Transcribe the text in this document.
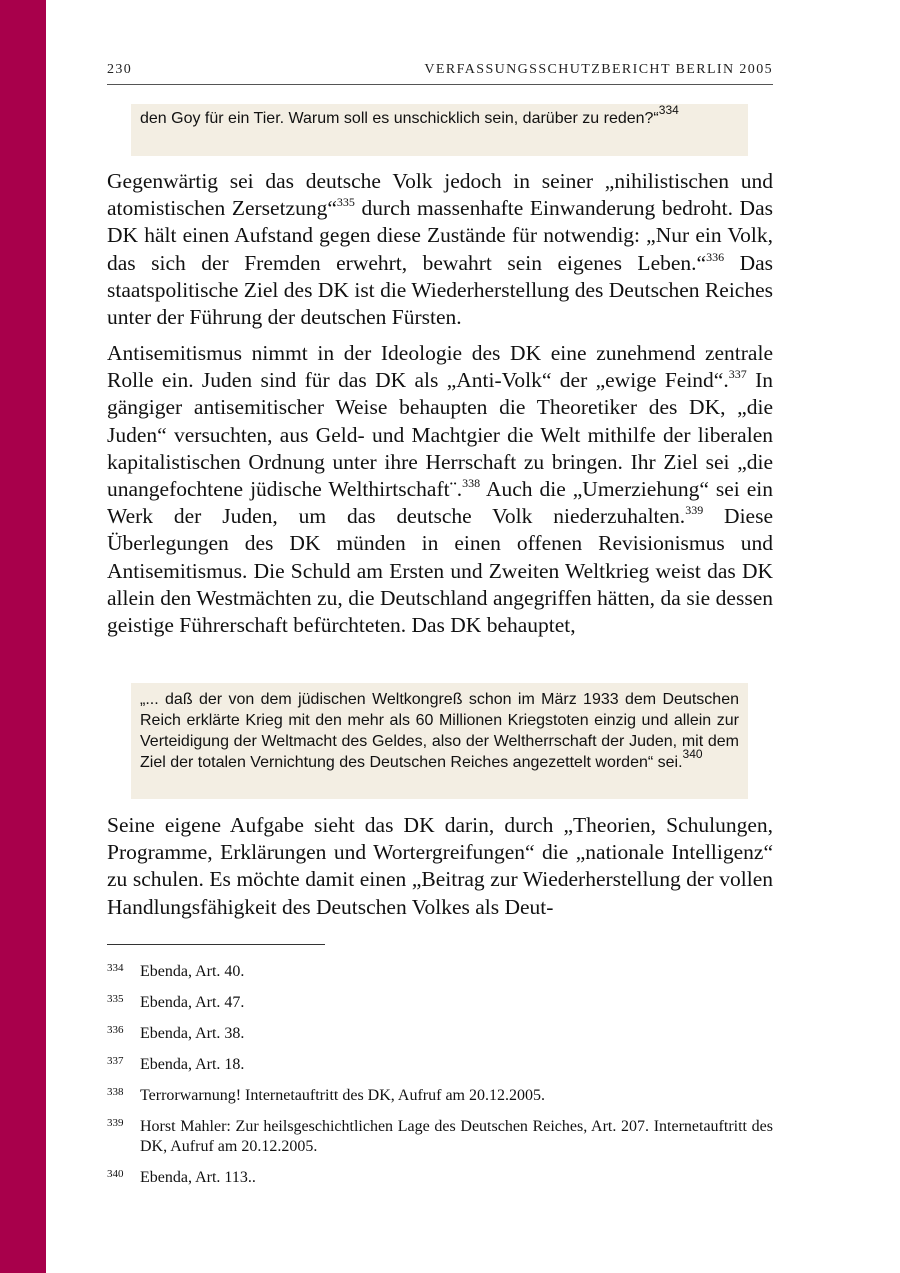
230	VERFASSUNGSSCHUTZBERICHT BERLIN 2005
den Goy für ein Tier. Warum soll es unschicklich sein, darüber zu reden?“$^{334}$

Gegenwärtig sei das deutsche Volk jedoch in seiner „nihilistischen und atomistischen Zersetzung“$^{335}$ durch massenhafte Einwanderung bedroht. Das DK hält einen Aufstand gegen diese Zustände für notwendig: „Nur ein Volk, das sich der Fremden erwehrt, bewahrt sein eigenes Leben.“$^{336}$ Das staatspolitische Ziel des DK ist die Wiederherstellung des Deutschen Reiches unter der Führung der deutschen Fürsten.

Antisemitismus nimmt in der Ideologie des DK eine zunehmend zentrale Rolle ein. Juden sind für das DK als „Anti-Volk“ der „ewige Feind“.$^{337}$ In gängiger antisemitischer Weise behaupten die Theoretiker des DK, „die Juden“ versuchten, aus Geld- und Machtgier die Welt mithilfe der liberalen kapitalistischen Ordnung unter ihre Herrschaft zu bringen. Ihr Ziel sei „die unangefochtene jüdische Welthirtschaft¨.$^{338}$ Auch die „Umerziehung“ sei ein Werk der Juden, um das deutsche Volk niederzuhalten.$^{339}$ Diese Überlegungen des DK münden in einen offenen Revisionismus und Antisemitismus. Die Schuld am Ersten und Zweiten Weltkrieg weist das DK allein den Westmächten zu, die Deutschland angegriffen hätten, da sie dessen geistige Führerschaft befürchteten. Das DK behauptet,

„... daß der von dem jüdischen Weltkongreß schon im März 1933 dem Deutschen Reich erklärte Krieg mit den mehr als 60 Millionen Kriegstoten einzig und allein zur Verteidigung der Weltmacht des Geldes, also der Weltherrschaft der Juden, mit dem Ziel der totalen Vernichtung des Deutschen Reiches angezettelt worden“ sei.$^{340}$

Seine eigene Aufgabe sieht das DK darin, durch „Theorien, Schulungen, Programme, Erklärungen und Wortergreifungen“ die „nationale Intelligenz“ zu schulen. Es möchte damit einen „Beitrag zur Wiederherstellung der vollen Handlungsfähigkeit des Deutschen Volkes als Deut-

334	Ebenda, Art. 40.
335	Ebenda, Art. 47.
336	Ebenda, Art. 38.
337	Ebenda, Art. 18.
338	Terrorwarnung! Internetauftritt des DK, Aufruf am 20.12.2005.
339	Horst Mahler: Zur heilsgeschichtlichen Lage des Deutschen Reiches, Art. 207. Internetauftritt des DK, Aufruf am 20.12.2005.
340	Ebenda, Art. 113..
